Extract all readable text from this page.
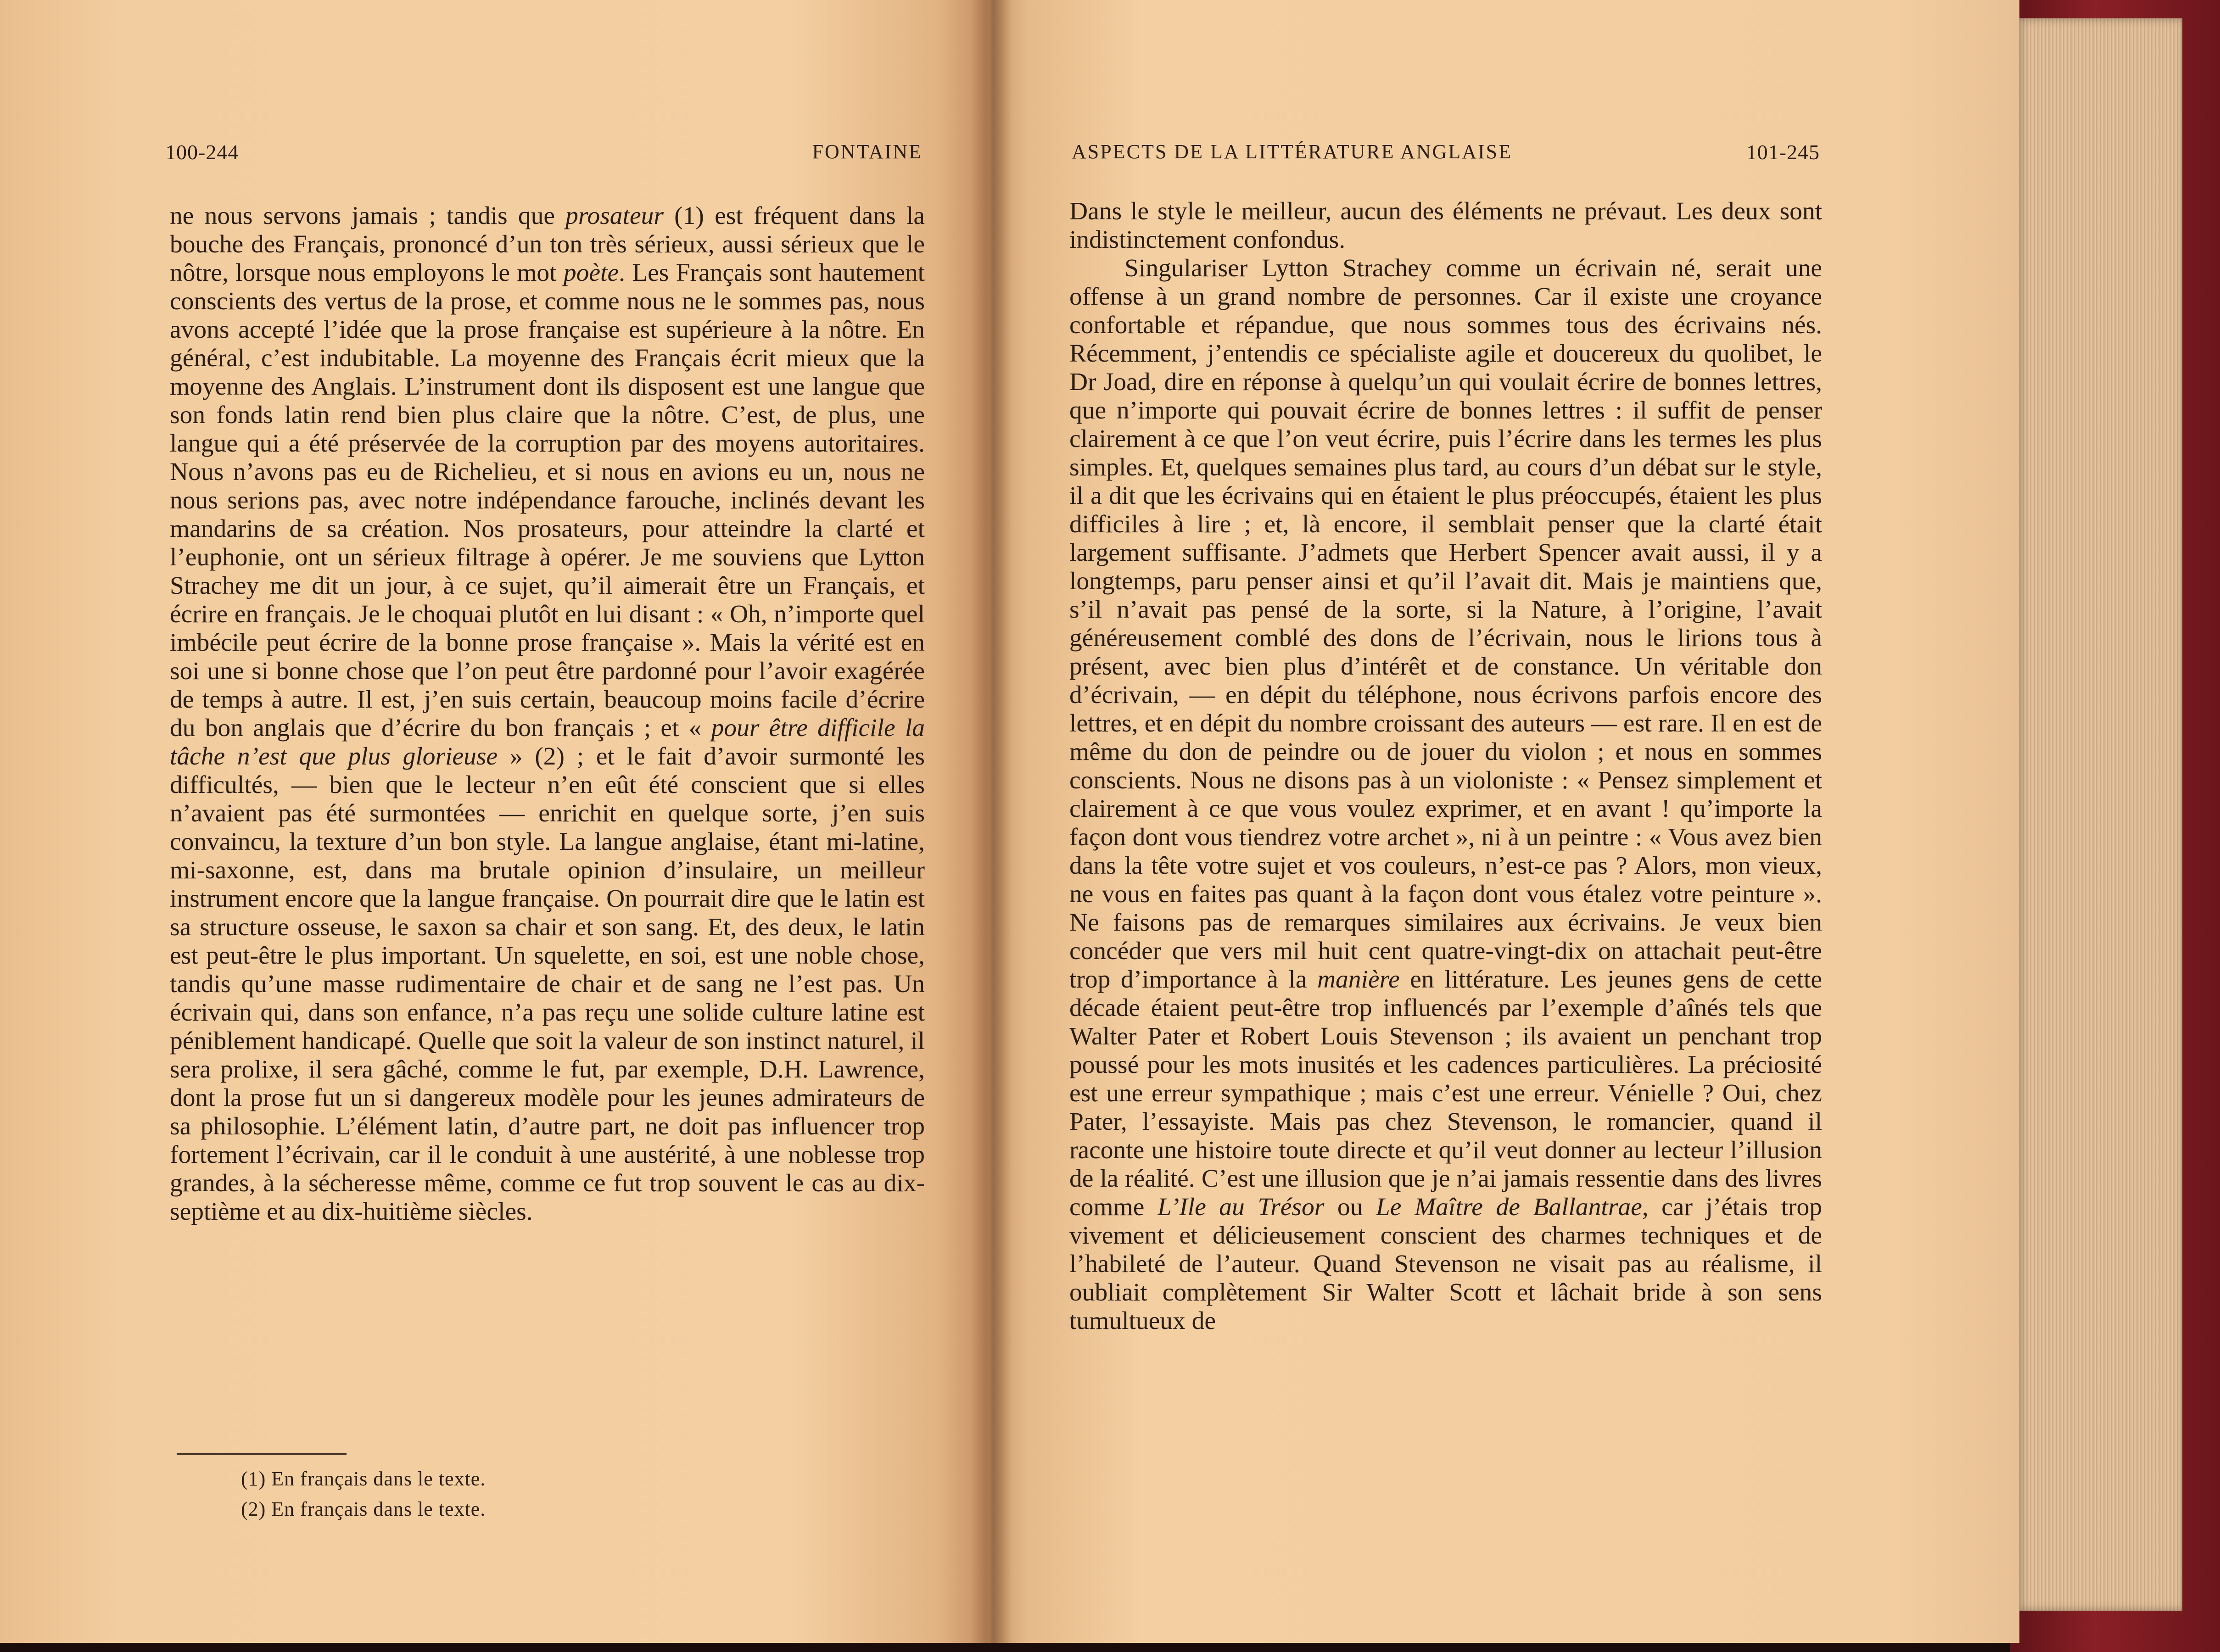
100-244	FONTAINE

ne nous servons jamais ; tandis que prosateur (1) est fréquent dans la bouche des Français, prononcé d’un ton très sérieux, aussi sérieux que le nôtre, lorsque nous employons le mot poète. Les Français sont hautement conscients des vertus de la prose, et comme nous ne le sommes pas, nous avons accepté l’idée que la prose française est supérieure à la nôtre. En général, c’est indubitable. La moyenne des Français écrit mieux que la moyenne des Anglais. L’instrument dont ils disposent est une langue que son fonds latin rend bien plus claire que la nôtre. C’est, de plus, une langue qui a été préservée de la corruption par des moyens autoritaires. Nous n’avons pas eu de Richelieu, et si nous en avions eu un, nous ne nous serions pas, avec notre indépendance farouche, inclinés devant les mandarins de sa création. Nos prosateurs, pour atteindre la clarté et l’euphonie, ont un sérieux filtrage à opérer. Je me souviens que Lytton Strachey me dit un jour, à ce sujet, qu’il aimerait être un Français, et écrire en français. Je le choquai plutôt en lui disant : « Oh, n’importe quel imbécile peut écrire de la bonne prose française ». Mais la vérité est en soi une si bonne chose que l’on peut être pardonné pour l’avoir exagérée de temps à autre. Il est, j’en suis certain, beaucoup moins facile d’écrire du bon anglais que d’écrire du bon français ; et « pour être difficile la tâche n’est que plus glorieuse » (2) ; et le fait d’avoir surmonté les difficultés, — bien que le lecteur n’en eût été conscient que si elles n’avaient pas été surmontées — enrichit en quelque sorte, j’en suis convaincu, la texture d’un bon style. La langue anglaise, étant mi-latine, mi-saxonne, est, dans ma brutale opinion d’insulaire, un meilleur instrument encore que la langue française. On pourrait dire que le latin est sa structure osseuse, le saxon sa chair et son sang. Et, des deux, le latin est peut-être le plus important. Un squelette, en soi, est une noble chose, tandis qu’une masse rudimentaire de chair et de sang ne l’est pas. Un écrivain qui, dans son enfance, n’a pas reçu une solide culture latine est péniblement handicapé. Quelle que soit la valeur de son instinct naturel, il sera prolixe, il sera gâché, comme le fut, par exemple, D.H. Lawrence, dont la prose fut un si dangereux modèle pour les jeunes admirateurs de sa philosophie. L’élément latin, d’autre part, ne doit pas influencer trop fortement l’écrivain, car il le conduit à une austérité, à une noblesse trop grandes, à la sécheresse même, comme ce fut trop souvent le cas au dix-septième et au dix-huitième siècles.

(1) En français dans le texte.
(2) En français dans le texte.
ASPECTS DE LA LITTÉRATURE ANGLAISE	101-245

Dans le style le meilleur, aucun des éléments ne prévaut. Les deux sont indistinctement confondus.

Singulariser Lytton Strachey comme un écrivain né, serait une offense à un grand nombre de personnes. Car il existe une croyance confortable et répandue, que nous sommes tous des écrivains nés. Récemment, j’entendis ce spécialiste agile et doucereux du quolibet, le Dr Joad, dire en réponse à quelqu’un qui voulait écrire de bonnes lettres, que n’importe qui pouvait écrire de bonnes lettres : il suffit de penser clairement à ce que l’on veut écrire, puis l’écrire dans les termes les plus simples. Et, quelques semaines plus tard, au cours d’un débat sur le style, il a dit que les écrivains qui en étaient le plus préoccupés, étaient les plus difficiles à lire ; et, là encore, il semblait penser que la clarté était largement suffisante. J’admets que Herbert Spencer avait aussi, il y a longtemps, paru penser ainsi et qu’il l’avait dit. Mais je maintiens que, s’il n’avait pas pensé de la sorte, si la Nature, à l’origine, l’avait généreusement comblé des dons de l’écrivain, nous le lirions tous à présent, avec bien plus d’intérêt et de constance. Un véritable don d’écrivain, — en dépit du téléphone, nous écrivons parfois encore des lettres, et en dépit du nombre croissant des auteurs — est rare. Il en est de même du don de peindre ou de jouer du violon ; et nous en sommes conscients. Nous ne disons pas à un violoniste : « Pensez simplement et clairement à ce que vous voulez exprimer, et en avant ! qu’importe la façon dont vous tiendrez votre archet », ni à un peintre : « Vous avez bien dans la tête votre sujet et vos couleurs, n’est-ce pas ? Alors, mon vieux, ne vous en faites pas quant à la façon dont vous étalez votre peinture ». Ne faisons pas de remarques similaires aux écrivains. Je veux bien concéder que vers mil huit cent quatre-vingt-dix on attachait peut-être trop d’importance à la manière en littérature. Les jeunes gens de cette décade étaient peut-être trop influencés par l’exemple d’aînés tels que Walter Pater et Robert Louis Stevenson ; ils avaient un penchant trop poussé pour les mots inusités et les cadences particulières. La préciosité est une erreur sympathique ; mais c’est une erreur. Vénielle ? Oui, chez Pater, l’essayiste. Mais pas chez Stevenson, le romancier, quand il raconte une histoire toute directe et qu’il veut donner au lecteur l’illusion de la réalité. C’est une illusion que je n’ai jamais ressentie dans des livres comme L’Ile au Trésor ou Le Maître de Ballantrae, car j’étais trop vivement et délicieusement conscient des charmes techniques et de l’habileté de l’auteur. Quand Stevenson ne visait pas au réalisme, il oubliait complètement Sir Walter Scott et lâchait bride à son sens tumultueux de
